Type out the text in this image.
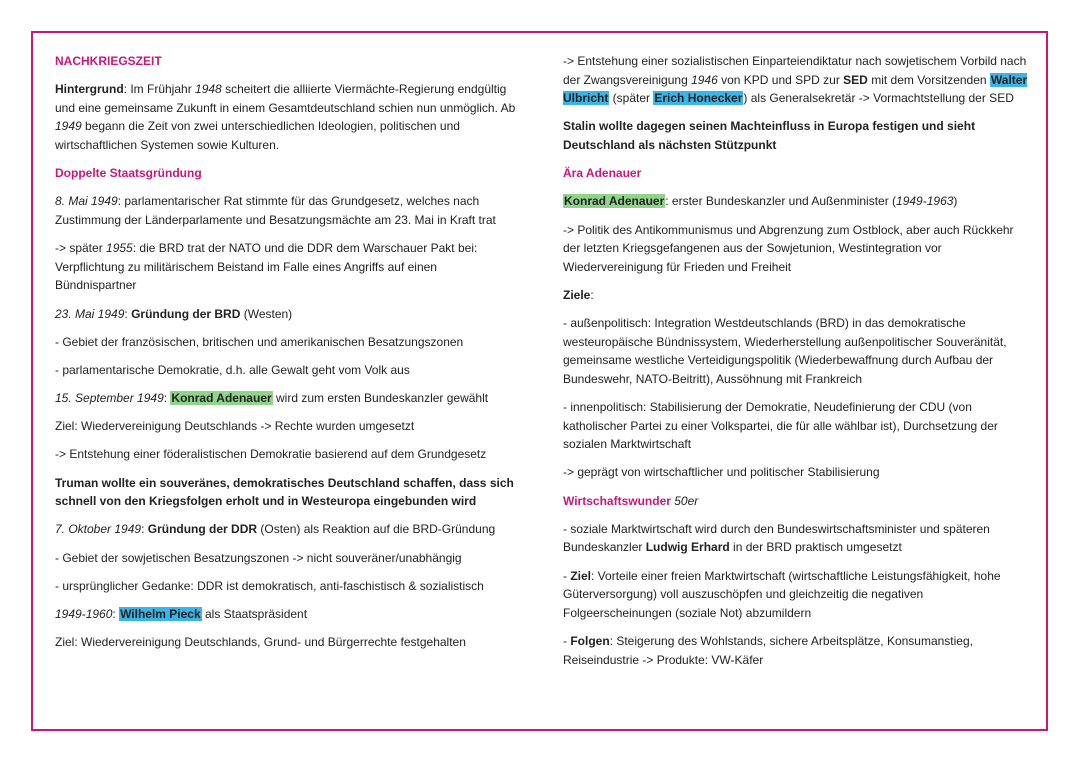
NACHKRIEGSZEIT
Hintergrund: Im Frühjahr 1948 scheitert die alliierte Viermächte-Regierung endgültig und eine gemeinsame Zukunft in einem Gesamtdeutschland schien nun unmöglich. Ab 1949 begann die Zeit von zwei unterschiedlichen Ideologien, politischen und wirtschaftlichen Systemen sowie Kulturen.
Doppelte Staatsgründung
8. Mai 1949: parlamentarischer Rat stimmte für das Grundgesetz, welches nach Zustimmung der Länderparlamente und Besatzungsmächte am 23. Mai in Kraft trat
-> später 1955: die BRD trat der NATO und die DDR dem Warschauer Pakt bei: Verpflichtung zu militärischem Beistand im Falle eines Angriffs auf einen Bündnispartner
23. Mai 1949: Gründung der BRD (Westen)
- Gebiet der französischen, britischen und amerikanischen Besatzungszonen
- parlamentarische Demokratie, d.h. alle Gewalt geht vom Volk aus
15. September 1949: Konrad Adenauer wird zum ersten Bundeskanzler gewählt
Ziel: Wiedervereinigung Deutschlands -> Rechte wurden umgesetzt
-> Entstehung einer föderalistischen Demokratie basierend auf dem Grundgesetz
Truman wollte ein souveränes, demokratisches Deutschland schaffen, dass sich schnell von den Kriegsfolgen erholt und in Westeuropa eingebunden wird
7. Oktober 1949: Gründung der DDR (Osten) als Reaktion auf die BRD-Gründung
- Gebiet der sowjetischen Besatzungszonen -> nicht souveräner/unabhängig
- ursprünglicher Gedanke: DDR ist demokratisch, anti-faschistisch & sozialistisch
1949-1960: Wilhelm Pieck als Staatspräsident
Ziel: Wiedervereinigung Deutschlands, Grund- und Bürgerrechte festgehalten
-> Entstehung einer sozialistischen Einparteiendiktatur nach sowjetischem Vorbild nach der Zwangsvereinigung 1946 von KPD und SPD zur SED mit dem Vorsitzenden Walter Ulbricht (später Erich Honecker) als Generalsekretär -> Vormachtstellung der SED
Stalin wollte dagegen seinen Machteinfluss in Europa festigen und sieht Deutschland als nächsten Stützpunkt
Ära Adenauer
Konrad Adenauer: erster Bundeskanzler und Außenminister (1949-1963)
-> Politik des Antikommunismus und Abgrenzung zum Ostblock, aber auch Rückkehr der letzten Kriegsgefangenen aus der Sowjetunion, Westintegration vor Wiedervereinigung für Frieden und Freiheit
Ziele:
- außenpolitisch: Integration Westdeutschlands (BRD) in das demokratische westeuropäische Bündnissystem, Wiederherstellung außenpolitischer Souveränität, gemeinsame westliche Verteidigungspolitik (Wiederbewaffnung durch Aufbau der Bundeswehr, NATO-Beitritt), Aussöhnung mit Frankreich
- innenpolitisch: Stabilisierung der Demokratie, Neudefinierung der CDU (von katholischer Partei zu einer Volkspartei, die für alle wählbar ist), Durchsetzung der sozialen Marktwirtschaft
-> geprägt von wirtschaftlicher und politischer Stabilisierung
Wirtschaftswunder 50er
- soziale Marktwirtschaft wird durch den Bundeswirtschaftsminister und späteren Bundeskanzler Ludwig Erhard in der BRD praktisch umgesetzt
- Ziel: Vorteile einer freien Marktwirtschaft (wirtschaftliche Leistungsfähigkeit, hohe Güterversorgung) voll auszuschöpfen und gleichzeitig die negativen Folgeerscheinungen (soziale Not) abzumildern
- Folgen: Steigerung des Wohlstands, sichere Arbeitsplätze, Konsumanstieg, Reiseindustrie -> Produkte: VW-Käfer
